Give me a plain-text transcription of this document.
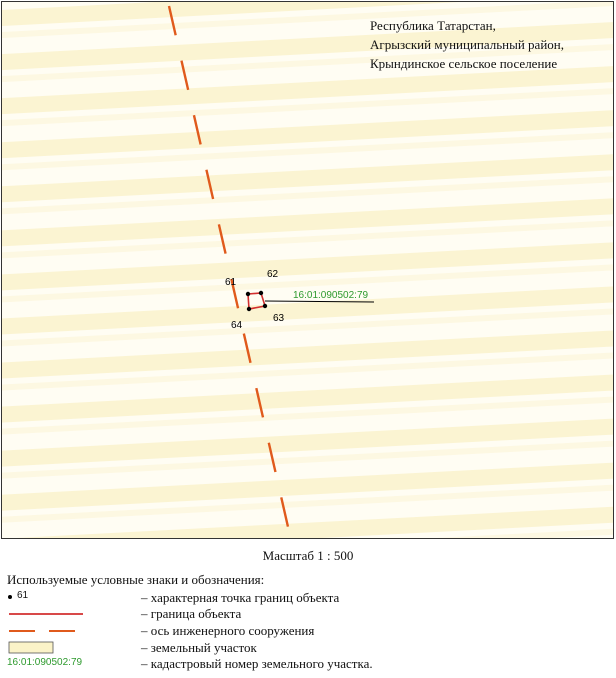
61
62
63
64
16:01:090502:79
Республика Татарстан,
Агрызский муниципальный район,
Крындинское сельское поселение
Масштаб 1 : 500
Используемые условные знаки и обозначения:
61	– характерная точка границ объекта
– граница объекта
– ось инженерного сооружения
– земельный участок
16:01:090502:79	– кадастровый номер земельного участка.
